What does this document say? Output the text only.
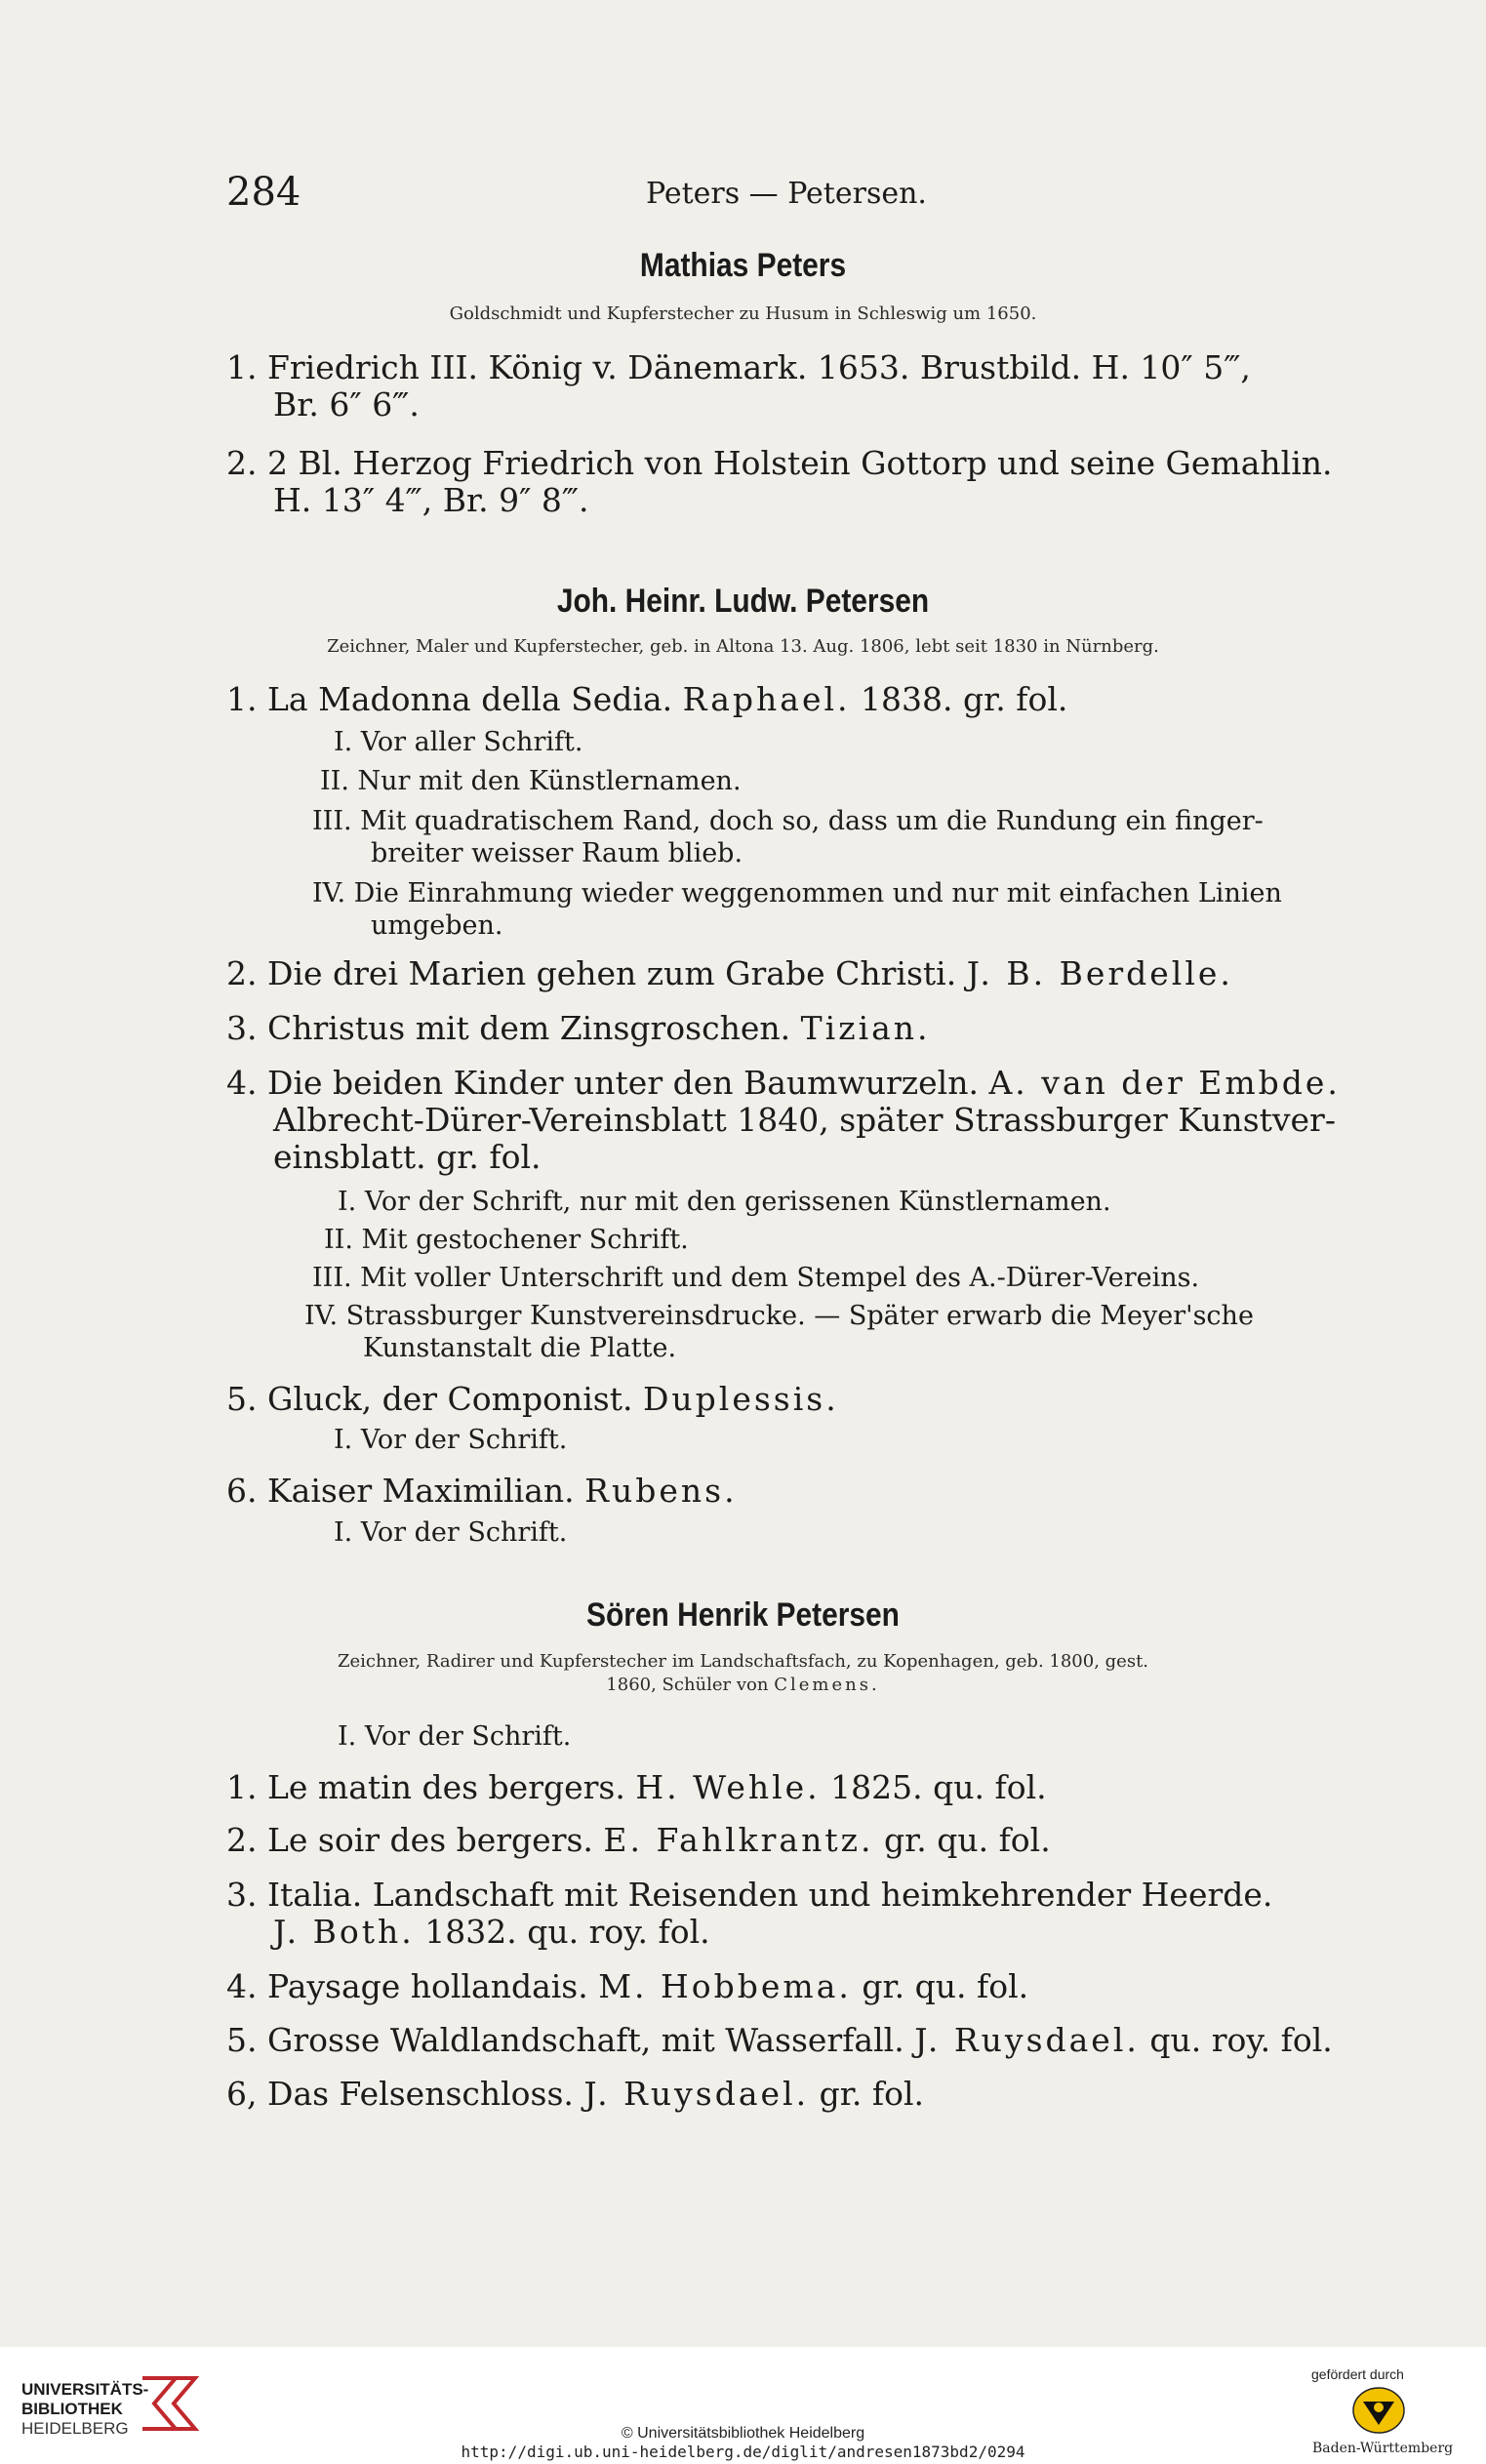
284	Peters — Petersen.
Mathias Peters
Goldschmidt und Kupferstecher zu Husum in Schleswig um 1650.
1. Friedrich III. König v. Dänemark. 1653. Brustbild. H. 10″ 5‴,
Br. 6″ 6‴.
2. 2 Bl. Herzog Friedrich von Holstein Gottorp und seine Gemahlin.
H. 13″ 4‴, Br. 9″ 8‴.
Joh. Heinr. Ludw. Petersen
Zeichner, Maler und Kupferstecher, geb. in Altona 13. Aug. 1806, lebt seit 1830 in Nürnberg.
1. La Madonna della Sedia. Raphael. 1838. gr. fol.
I. Vor aller Schrift.
II. Nur mit den Künstlernamen.
III. Mit quadratischem Rand, doch so, dass um die Rundung ein finger-
breiter weisser Raum blieb.
IV. Die Einrahmung wieder weggenommen und nur mit einfachen Linien
umgeben.
2. Die drei Marien gehen zum Grabe Christi. J. B. Berdelle.
3. Christus mit dem Zinsgroschen. Tizian.
4. Die beiden Kinder unter den Baumwurzeln. A. van der Embde.
Albrecht-Dürer-Vereinsblatt 1840, später Strassburger Kunstver-
einsblatt. gr. fol.
I. Vor der Schrift, nur mit den gerissenen Künstlernamen.
II. Mit gestochener Schrift.
III. Mit voller Unterschrift und dem Stempel des A.-Dürer-Vereins.
IV. Strassburger Kunstvereinsdrucke. — Später erwarb die Meyer'sche
Kunstanstalt die Platte.
5. Gluck, der Componist. Duplessis.
I. Vor der Schrift.
6. Kaiser Maximilian. Rubens.
I. Vor der Schrift.
Sören Henrik Petersen
Zeichner, Radirer und Kupferstecher im Landschaftsfach, zu Kopenhagen, geb. 1800, gest.
1860, Schüler von Clemens.
I. Vor der Schrift.
1. Le matin des bergers. H. Wehle. 1825. qu. fol.
2. Le soir des bergers. E. Fahlkrantz. gr. qu. fol.
3. Italia. Landschaft mit Reisenden und heimkehrender Heerde.
J. Both. 1832. qu. roy. fol.
4. Paysage hollandais. M. Hobbema. gr. qu. fol.
5. Grosse Waldlandschaft, mit Wasserfall. J. Ruysdael. qu. roy. fol.
6, Das Felsenschloss. J. Ruysdael. gr. fol.
UNIVERSITÄTS-
BIBLIOTHEK
HEIDELBERG	© Universitätsbibliothek Heidelberg
http://digi.ub.uni-heidelberg.de/diglit/andresen1873bd2/0294
gefördert durch
Baden-Württemberg
